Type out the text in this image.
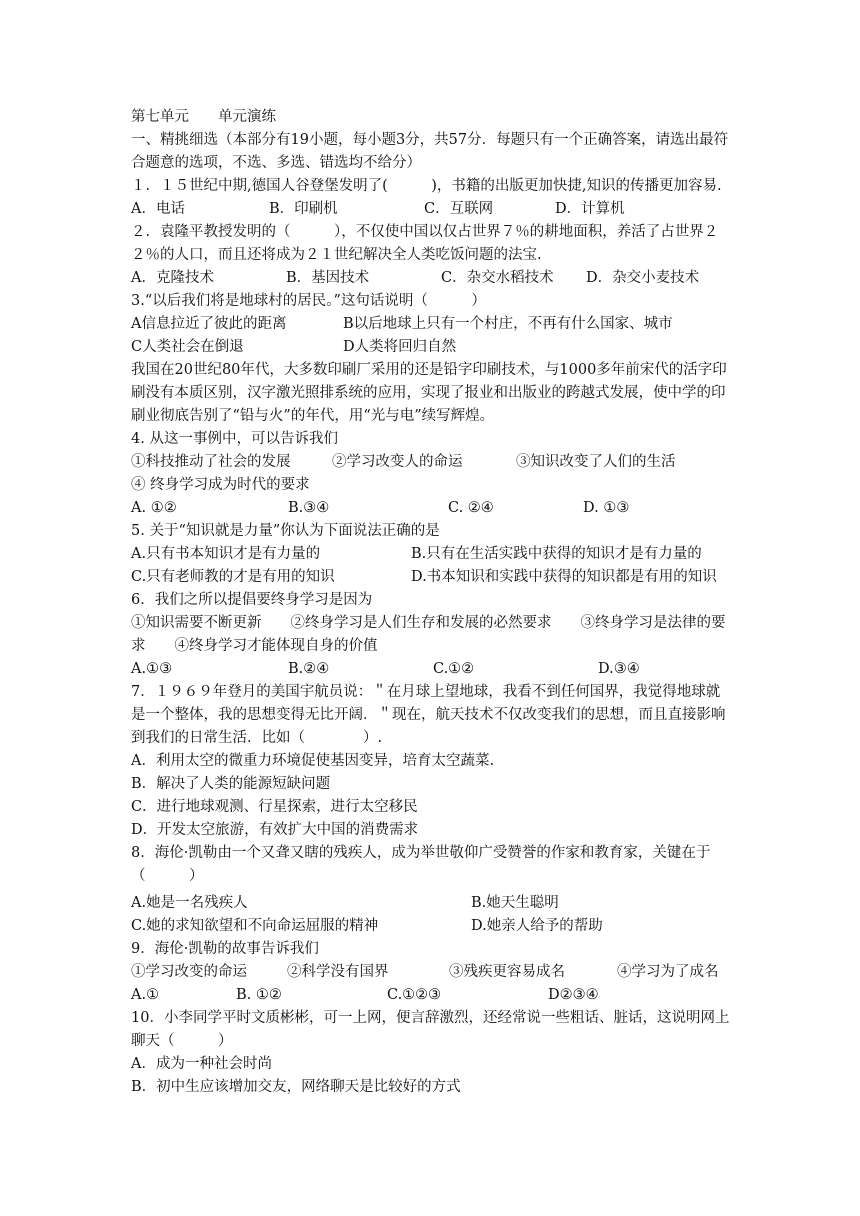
第七单元　　单元演练
一、精挑细选（本部分有19小题，每小题3分，共57分．每题只有一个正确答案，请选出最符合题意的选项，不选、多选、错选均不给分）
１．１５世纪中期,德国人谷登堡发明了(　　　)，书籍的出版更加快捷,知识的传播更加容易.
A．电话	B．印刷机	C．互联网	D．计算机
２．袁隆平教授发明的（　　　），不仅使中国以仅占世界７％的耕地面积，养活了占世界２２％的人口，而且还将成为２１世纪解决全人类吃饭问题的法宝.
A．克隆技术	B．基因技术	C．杂交水稻技术	D．杂交小麦技术
3.“以后我们将是地球村的居民。”这句话说明（　　　）
A信息拉近了彼此的距离	B以后地球上只有一个村庄，不再有什么国家、城市
C人类社会在倒退	D人类将回归自然
我国在20世纪80年代，大多数印刷厂采用的还是铅字印刷技术，与1000多年前宋代的活字印刷没有本质区别，汉字激光照排系统的应用，实现了报业和出版业的跨越式发展，使中学的印刷业彻底告别了“铅与火”的年代，用“光与电”续写辉煌。
4. 从这一事例中，可以告诉我们
①科技推动了社会的发展	②学习改变人的命运	③知识改变了人们的生活
④ 终身学习成为时代的要求
A. ①②	B.③④	C. ②④	D. ①③
5. 关于“知识就是力量”你认为下面说法正确的是
A.只有书本知识才是有力量的	B.只有在生活实践中获得的知识才是有力量的
C.只有老师教的才是有用的知识	D.书本知识和实践中获得的知识都是有用的知识
6．我们之所以提倡要终身学习是因为
①知识需要不断更新　　②终身学习是人们生存和发展的必然要求　　③终身学习是法律的要求　　④终身学习才能体现自身的价值
A.①③	B.②④	C.①②	D.③④
7．１９６９年登月的美国宇航员说：＂在月球上望地球，我看不到任何国界，我觉得地球就是一个整体，我的思想变得无比开阔．＂现在，航天技术不仅改变我们的思想，而且直接影响到我们的日常生活．比如（　　　　）.
A．利用太空的微重力环境促使基因变异，培育太空蔬菜.
B．解决了人类的能源短缺问题
C．进行地球观测、行星探索，进行太空移民
D．开发太空旅游，有效扩大中国的消费需求
8．海伦·凯勒由一个又聋又瞎的残疾人，成为举世敬仰广受赞誉的作家和教育家，关键在于（　　　）
A.她是一名残疾人	B.她天生聪明
C.她的求知欲望和不向命运屈服的精神	D.她亲人给予的帮助
9．海伦·凯勒的故事告诉我们
①学习改变的命运	②科学没有国界	③残疾更容易成名	④学习为了成名
A.①	B. ①②	C.①②③	D②③④
10．小李同学平时文质彬彬，可一上网，便言辞激烈，还经常说一些粗话、脏话，这说明网上聊天（　　　）
A．成为一种社会时尚
B．初中生应该增加交友，网络聊天是比较好的方式
